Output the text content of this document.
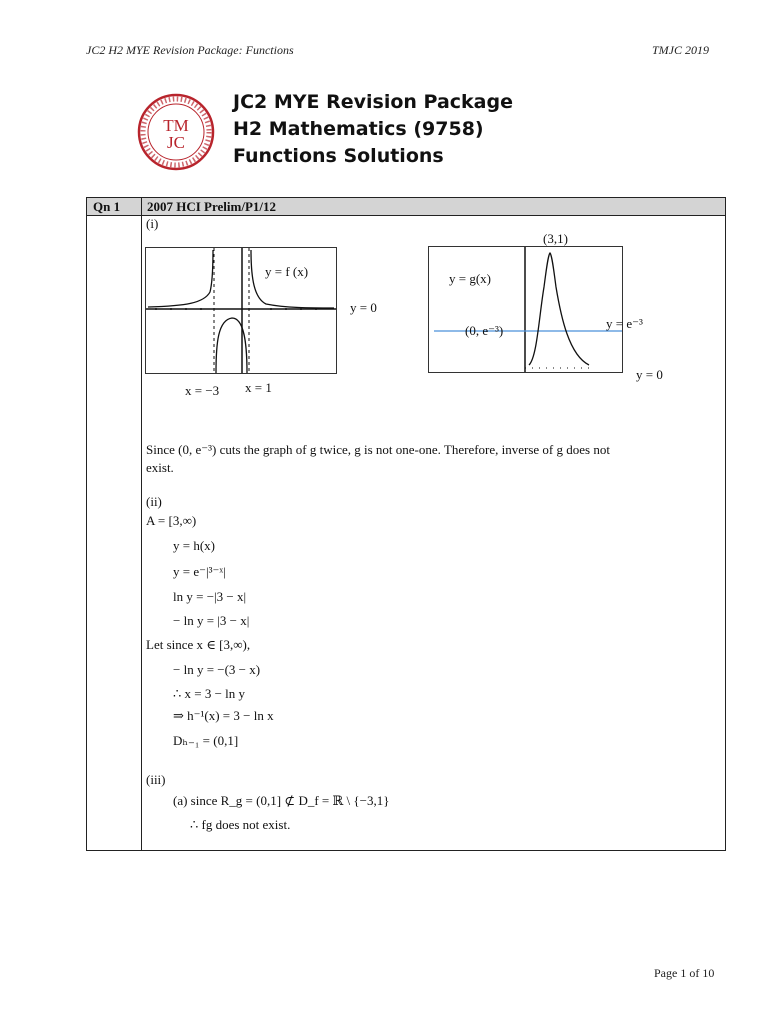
JC2 H2 MYE Revision Package: Functions	TMJC 2019
TM
JC
JC2 MYE Revision Package
H2 Mathematics (9758)
Functions Solutions
Qn 1 2007 HCI Prelim/P1/12
(i)
y = f (x)
y = 0
x = −3 x = 1
(3,1)
y = g(x)
(0, e⁻³)	y = e⁻³
y = 0
Since (0, e⁻³) cuts the graph of g twice, g is not one-one. Therefore, inverse of g does not
exist.
(ii)
A = [3,∞)
y = h(x)
y = e⁻|³⁻ˣ|
ln y = −|3 − x|
− ln y = |3 − x|
Let since x ∈ [3,∞),
− ln y = −(3 − x)
∴ x = 3 − ln y
⇒ h⁻¹(x) = 3 − ln x
Dₕ₋₁ = (0,1]
(iii)
(a) since R_g = (0,1] ⊄ D_f = ℝ \ {−3,1}
∴ fg does not exist.
Page 1 of 10
